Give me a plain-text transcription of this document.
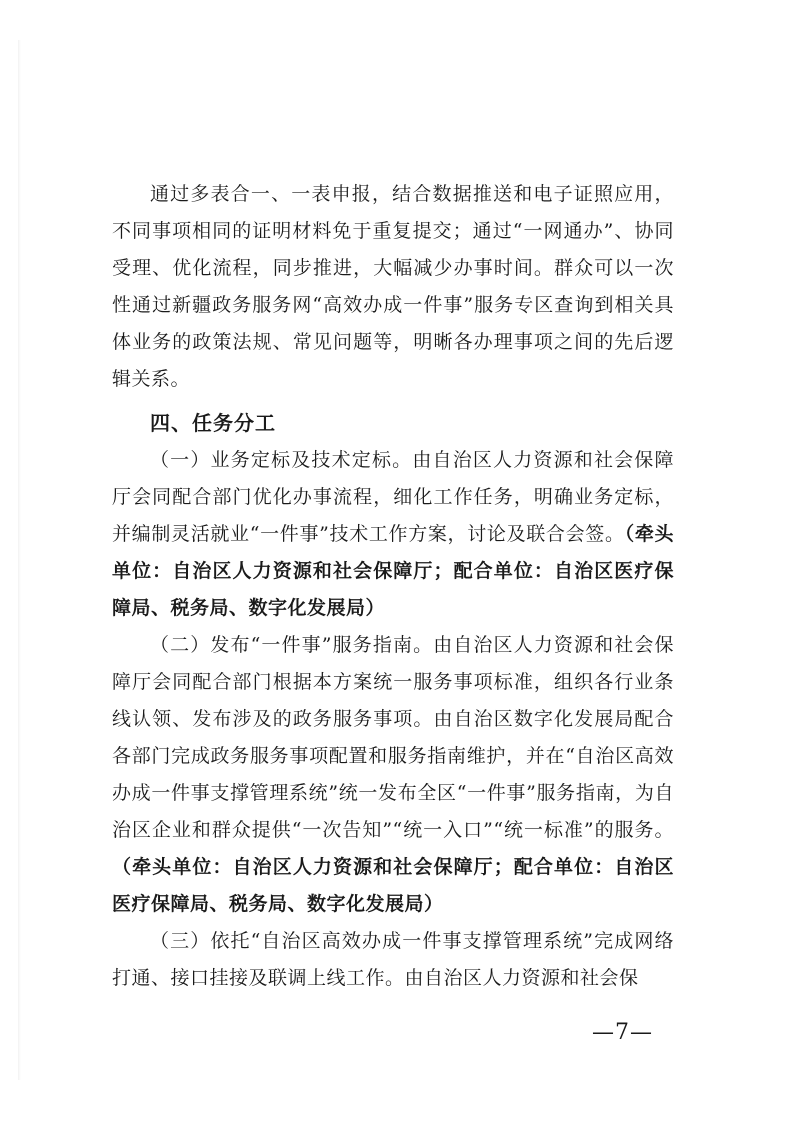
通过多表合一、一表申报，结合数据推送和电子证照应用，不同事项相同的证明材料免于重复提交；通过“一网通办”、协同受理、优化流程，同步推进，大幅减少办事时间。群众可以一次性通过新疆政务服务网“高效办成一件事”服务专区查询到相关具体业务的政策法规、常见问题等，明晰各办理事项之间的先后逻辑关系。

四、任务分工

（一）业务定标及技术定标。由自治区人力资源和社会保障厅会同配合部门优化办事流程，细化工作任务，明确业务定标，并编制灵活就业“一件事”技术工作方案，讨论及联合会签。（牵头单位：自治区人力资源和社会保障厅；配合单位：自治区医疗保障局、税务局、数字化发展局）

（二）发布“一件事”服务指南。由自治区人力资源和社会保障厅会同配合部门根据本方案统一服务事项标准，组织各行业条线认领、发布涉及的政务服务事项。由自治区数字化发展局配合各部门完成政务服务事项配置和服务指南维护，并在“自治区高效办成一件事支撑管理系统”统一发布全区“一件事”服务指南，为自治区企业和群众提供“一次告知”“统一入口”“统一标准”的服务。（牵头单位：自治区人力资源和社会保障厅；配合单位：自治区医疗保障局、税务局、数字化发展局）

（三）依托“自治区高效办成一件事支撑管理系统”完成网络打通、接口挂接及联调上线工作。由自治区人力资源和社会保

—7—
